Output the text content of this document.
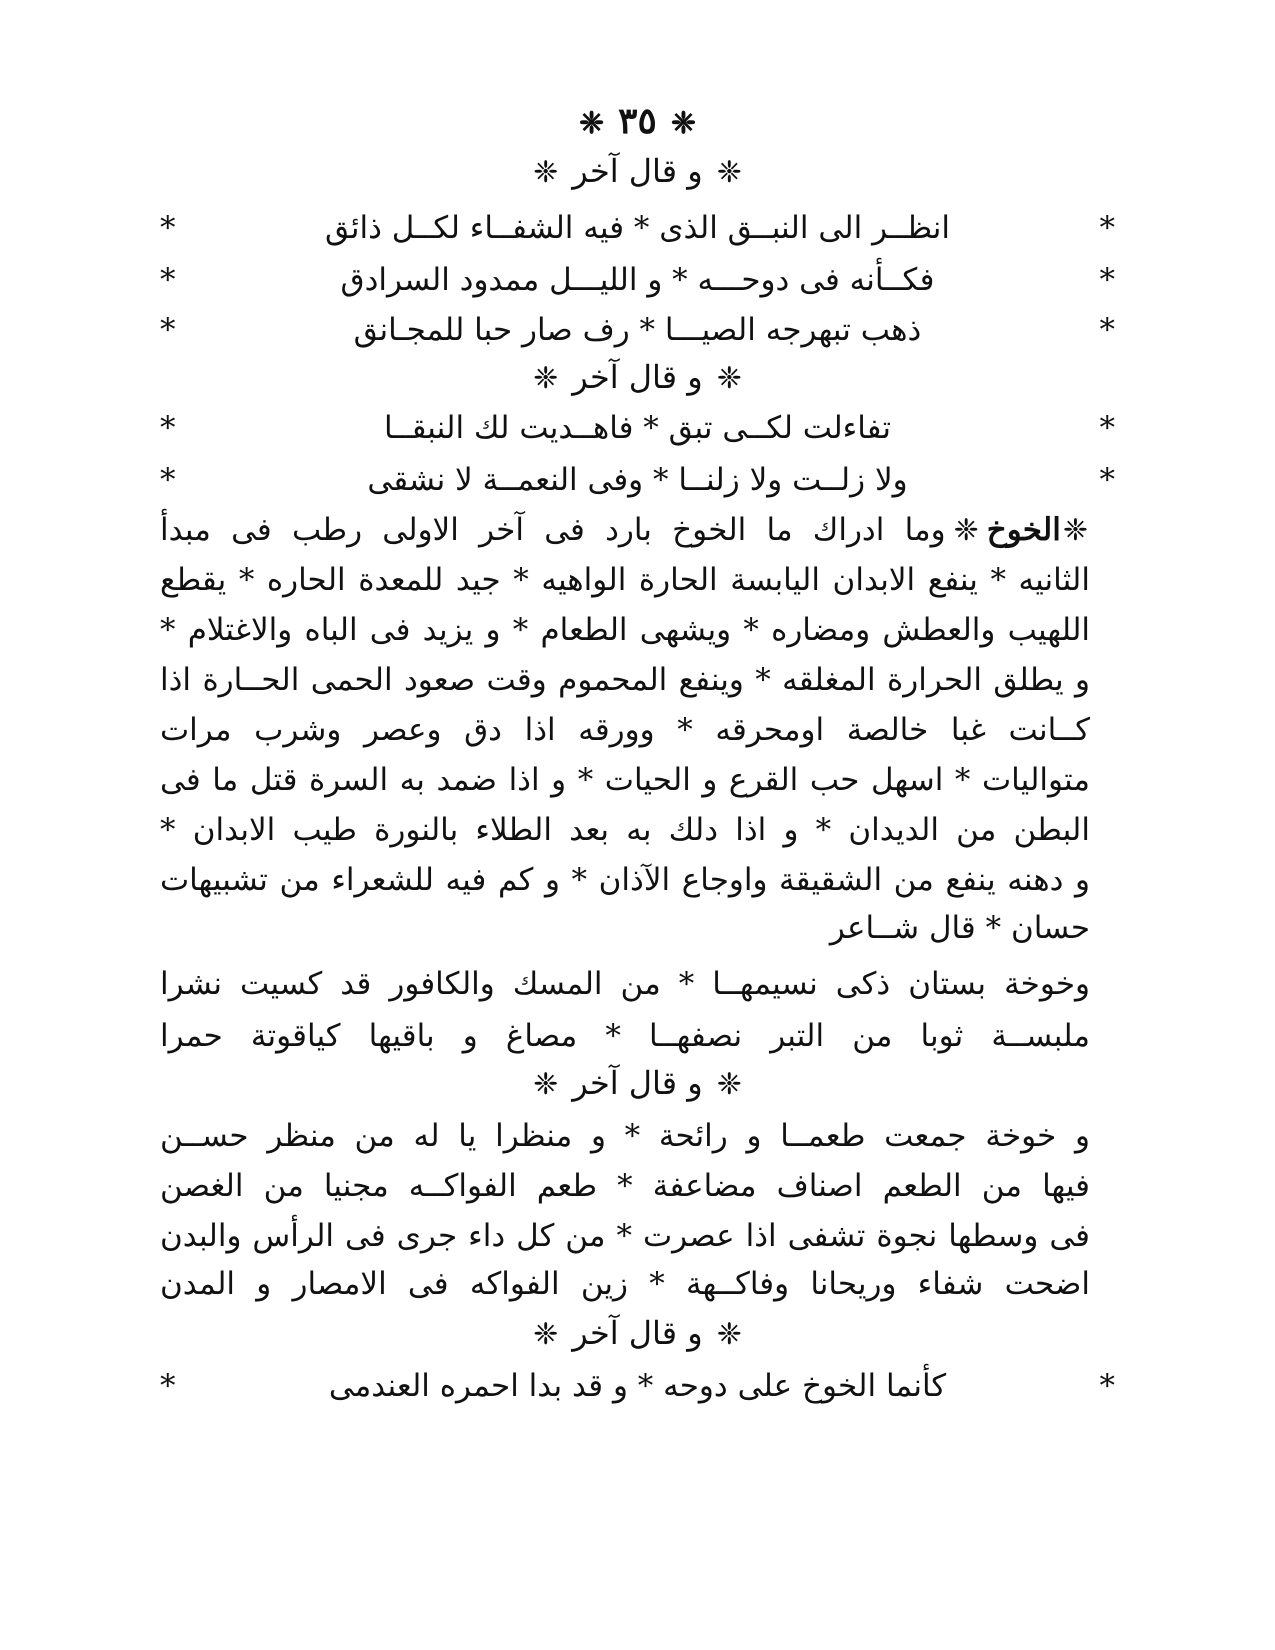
❈٣٥❈
❈و قال آخر❈
*
انظــر الى النبــق الذى * فيه الشفــاء لكــل ذائق
*
*
فكــأنه فى دوحـــه * و الليـــل ممدود السرادق
*
*
ذهب تبهرجه الصيـــا * رف صار حبا للمجـانق
*
❈و قال آخر❈
*
تفاءلت لكــى تبق * فاهــديت لك النبقــا
*
*
ولا زلــت ولا زلنــا * وفى النعمــة لا نشقى
*
❈الخوخ❈وما ادراك ما الخوخ بارد فى آخر الاولى رطب فى مبدأ
الثانيه * ينفع الابدان اليابسة الحارة الواهيه * جيد للمعدة الحاره * يقطع
اللهيب والعطش ومضاره * ويشهى الطعام * و يزيد فى الباه والاغتلام *
و يطلق الحرارة المغلقه * وينفع المحموم وقت صعود الحمى الحــارة اذا
كــانت غبا خالصة اومحرقه * وورقه اذا دق وعصر وشرب مرات
متواليات * اسهل حب القرع و الحيات * و اذا ضمد به السرة قتل ما فى
البطن من الديدان * و اذا دلك به بعد الطلاء بالنورة طيب الابدان *
و دهنه ينفع من الشقيقة واوجاع الآذان * و كم فيه للشعراء من تشبيهات
حسان * قال شــاعر
وخوخة بستان ذكى نسيمهــا * من المسك والكافور قد كسيت نشرا
ملبســة ثوبا من التبر نصفهــا * مصاغ و باقيها كياقوتة حمرا
❈و قال آخر❈
و خوخة جمعت طعمــا و رائحة * و منظرا يا له من منظر حســن
فيها من الطعم اصناف مضاعفة * طعم الفواكــه مجنيا من الغصن
فى وسطها نجوة تشفى اذا عصرت * من كل داء جرى فى الرأس والبدن
اضحت شفاء وريحانا وفاكــهة * زين الفواكه فى الامصار و المدن
❈و قال آخر❈
*
كأنما الخوخ على دوحه * و قد بدا احمره العندمى
*
